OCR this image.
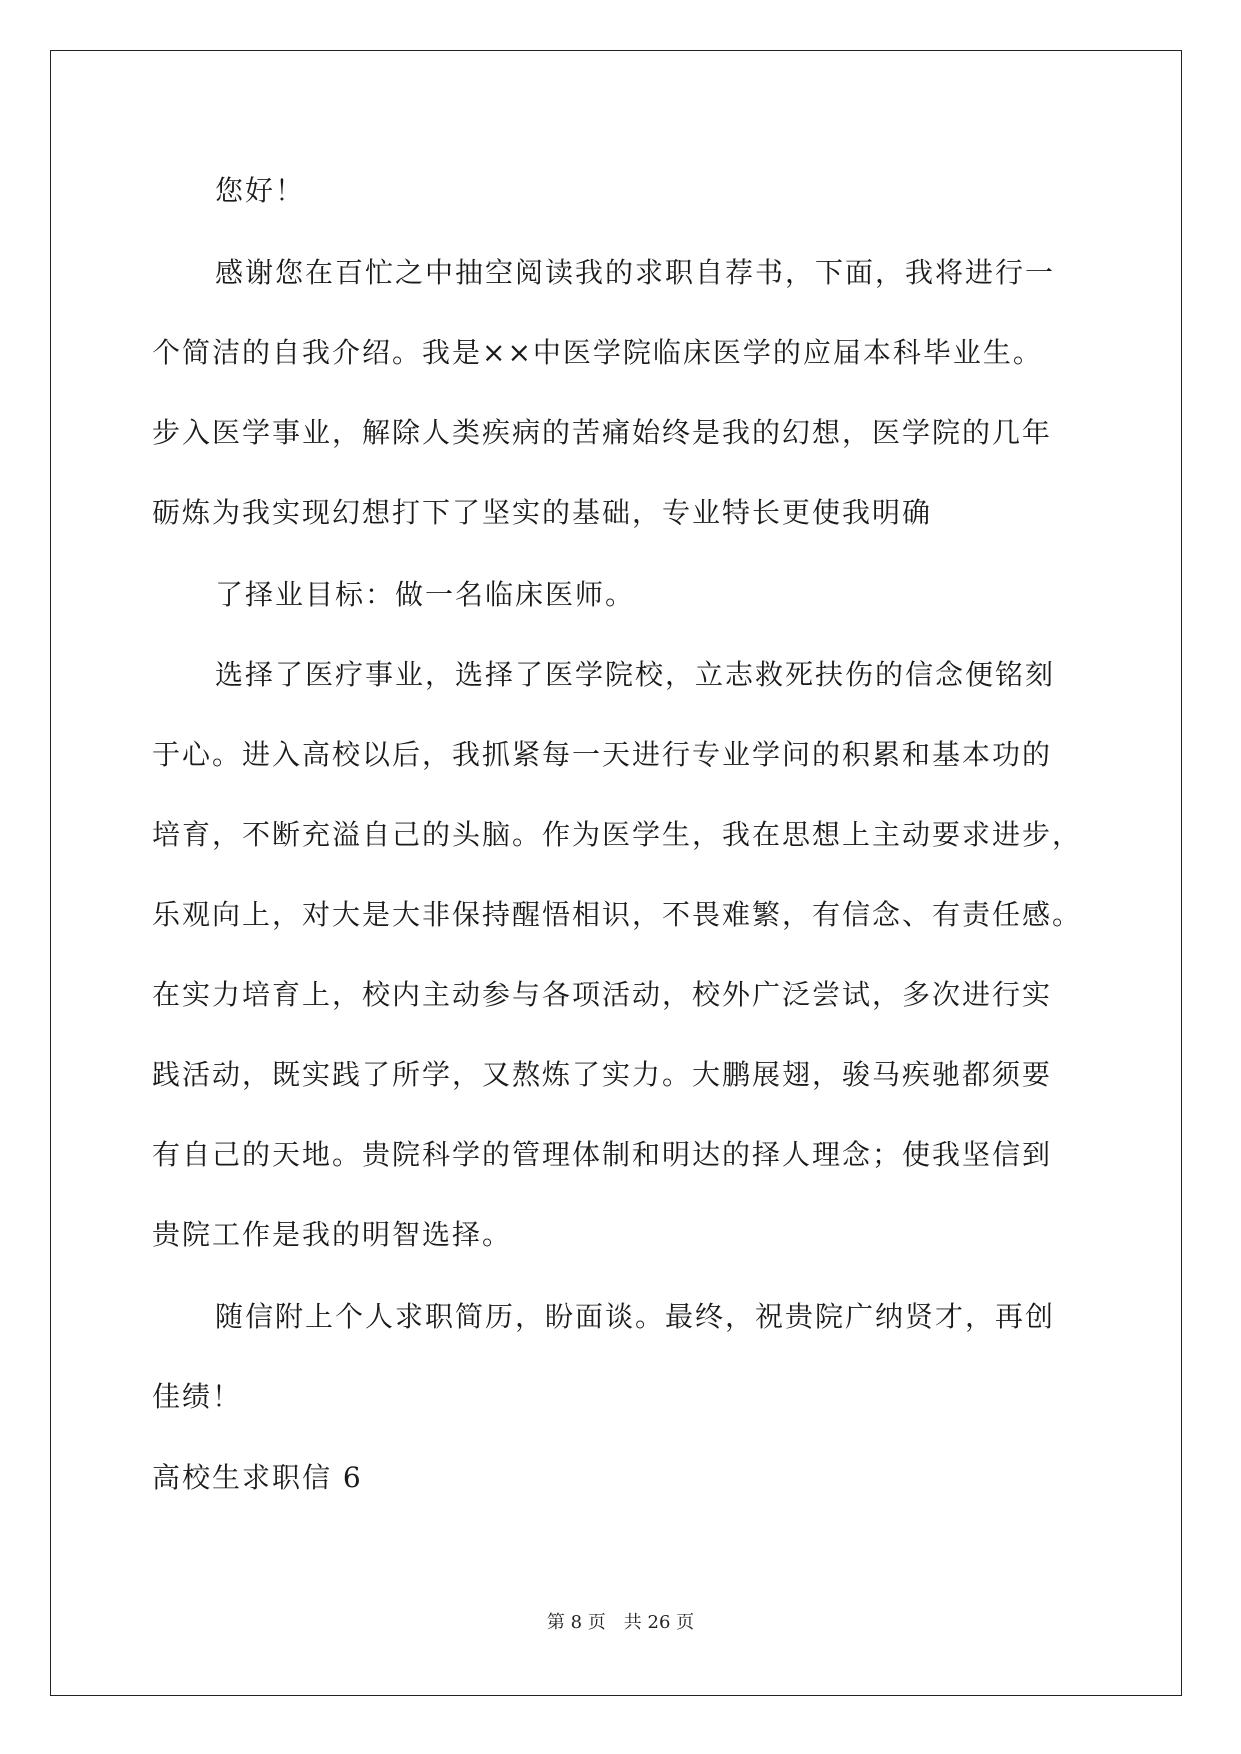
您好！
感谢您在百忙之中抽空阅读我的求职自荐书，下面，我将进行一
个简洁的自我介绍。我是××中医学院临床医学的应届本科毕业生。
步入医学事业，解除人类疾病的苦痛始终是我的幻想，医学院的几年
砺炼为我实现幻想打下了坚实的基础，专业特长更使我明确
了择业目标：做一名临床医师。
选择了医疗事业，选择了医学院校，立志救死扶伤的信念便铭刻
于心。进入高校以后，我抓紧每一天进行专业学问的积累和基本功的
培育，不断充溢自己的头脑。作为医学生，我在思想上主动要求进步，
乐观向上，对大是大非保持醒悟相识，不畏难繁，有信念、有责任感。
在实力培育上，校内主动参与各项活动，校外广泛尝试，多次进行实
践活动，既实践了所学，又熬炼了实力。大鹏展翅，骏马疾驰都须要
有自己的天地。贵院科学的管理体制和明达的择人理念；使我坚信到
贵院工作是我的明智选择。
随信附上个人求职简历，盼面谈。最终，祝贵院广纳贤才，再创
佳绩！
高校生求职信 6
第 8 页　共 26 页
